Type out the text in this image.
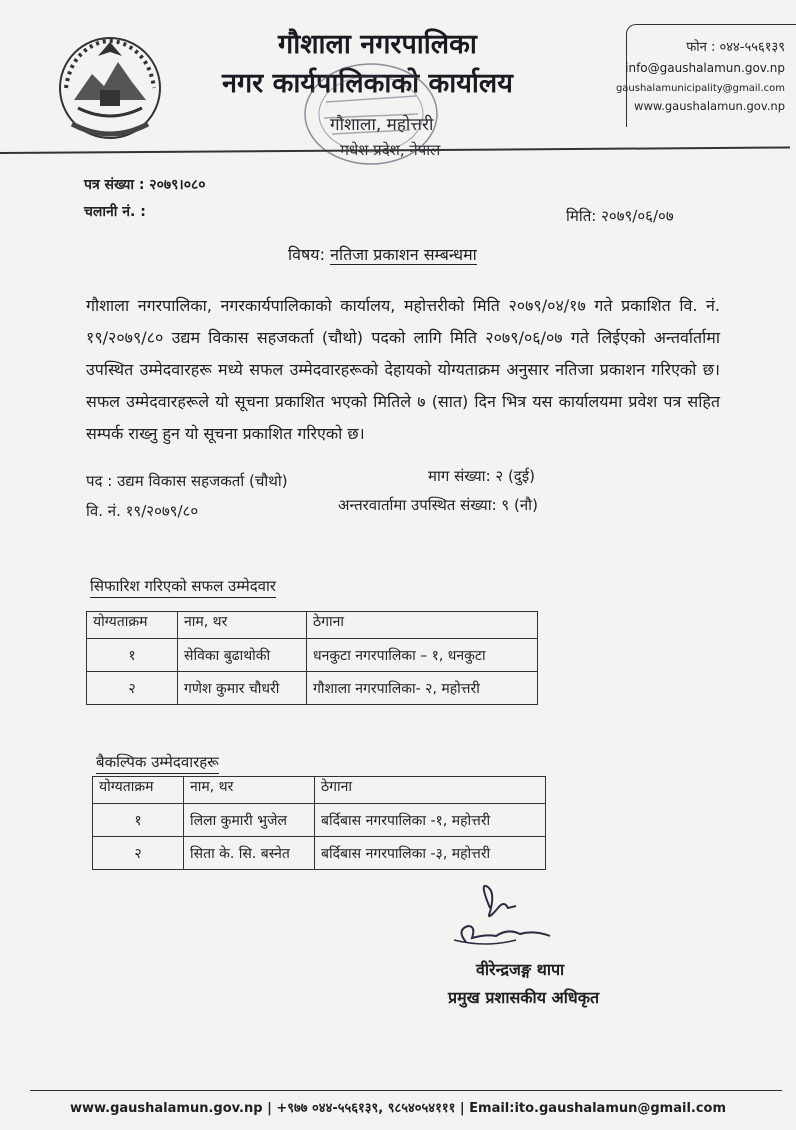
गौशाला नगरपालिका
नगर कार्यपालिकाको कार्यालय
गौशाला, महोत्तरी
मधेश प्रदेश, नेपाल
फोन : ०४४-५५६१३९
info@gaushalamun.gov.np
gaushalamunicipality@gmail.com
www.gaushalamun.gov.np
पत्र संख्या : २०७९।०८०
चलानी नं. :	मिति: २०७९/०६/०७
विषय: नतिजा प्रकाशन सम्बन्धमा
गौशाला नगरपालिका, नगरकार्यपालिकाको कार्यालय, महोत्तरीको मिति २०७९/०४/१७ गते प्रकाशित वि. नं. १९/२०७९/८० उद्यम विकास सहजकर्ता (चौथो) पदको लागि मिति २०७९/०६/०७ गते लिईएको अन्तर्वार्तामा उपस्थित उम्मेदवारहरू मध्ये सफल उम्मेदवारहरूको देहायको योग्यताक्रम अनुसार नतिजा प्रकाशन गरिएको छ। सफल उम्मेदवारहरूले यो सूचना प्रकाशित भएको मितिले ७ (सात) दिन भित्र यस कार्यालयमा प्रवेश पत्र सहित सम्पर्क राख्नु हुन यो सूचना प्रकाशित गरिएको छ।
पद : उद्यम विकास सहजकर्ता (चौथो)	माग संख्या: २ (दुई)
वि. नं. १९/२०७९/८०	अन्तरवार्तामा उपस्थित संख्या: ९ (नौ)
सिफारिश गरिएको सफल उम्मेदवार
योग्यताक्रम	नाम, थर	ठेगाना
१	सेविका बुढाथोकी	धनकुटा नगरपालिका – १, धनकुटा
२	गणेश कुमार चौधरी	गौशाला नगरपालिका- २, महोत्तरी
बैकल्पिक उम्मेदवारहरू
योग्यताक्रम	नाम, थर	ठेगाना
१	लिला कुमारी भुजेल	बर्दिबास नगरपालिका -१, महोत्तरी
२	सिता के. सि. बस्नेत	बर्दिबास नगरपालिका -३, महोत्तरी
वीरेन्द्रजङ्ग थापा
प्रमुख प्रशासकीय अधिकृत
www.gaushalamun.gov.np | +९७७ ०४४-५५६१३९, ९८५४०५४१११ | Email:ito.gaushalamun@gmail.com
